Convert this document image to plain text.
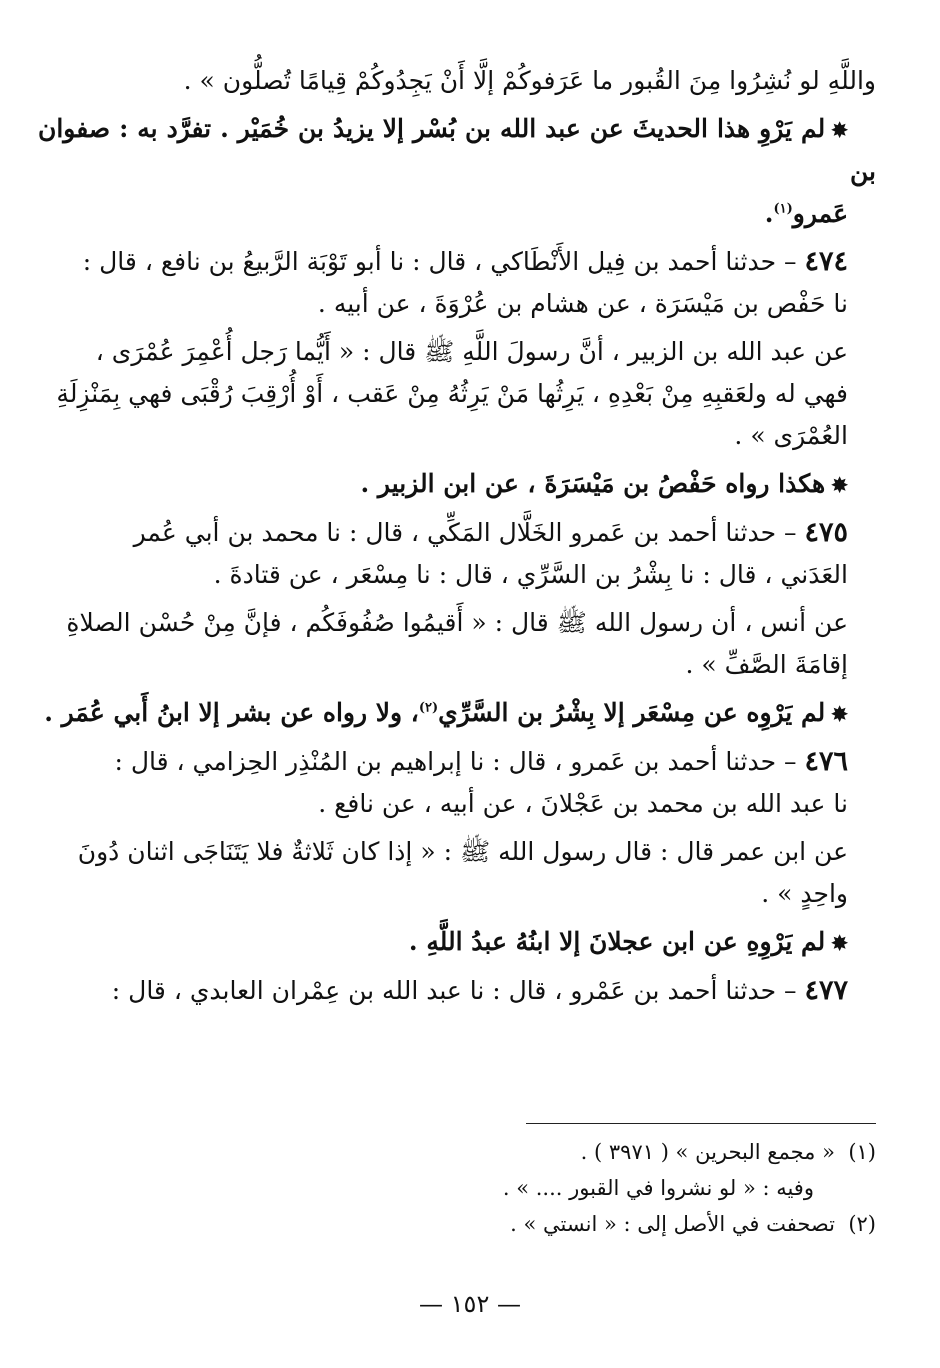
واللَّهِ لو نُشِرُوا مِنَ القُبور ما عَرَفوكُمْ إلَّا أَنْ يَجِدُوكُمْ قِيامًا تُصلُّون » .

✸لم يَرْوِ هذا الحديثَ عن عبد الله بن بُسْر إلا يزيدُ بن خُمَيْر . تفرَّد به : صفوان بن

عَمرو$^{(١)}$.

٤٧٤ – حدثنا أحمد بن فِيل الأَنْطَاكي ، قال : نا أبو تَوْبَة الرَّبيعُ بن نافع ، قال :

نا حَفْص بن مَيْسَرَة ، عن هشام بن عُرْوَةَ ، عن أبيه .

عن عبد الله بن الزبير ، أنَّ رسولَ اللَّهِ ﷺ قال : « أَيُّما رَجل أُعْمِرَ عُمْرَى ،

فهي له ولعَقبِهِ مِنْ بَعْدِهِ ، يَرِثُها مَنْ يَرِثُهُ مِنْ عَقب ، أَوْ أُرْقِبَ رُقْبَى فهي بِمَنْزِلَةِ

العُمْرَى » .

✸هكذا رواه حَفْصُ بن مَيْسَرَةَ ، عن ابن الزبير .

٤٧٥ – حدثنا أحمد بن عَمرو الخَلَّال المَكِّي ، قال : نا محمد بن أبي عُمر

العَدَني ، قال : نا بِشْرُ بن السَّرِّي ، قال : نا مِسْعَر ، عن قتادةَ .

عن أنس ، أن رسول الله ﷺ قال : « أَقيمُوا صُفُوفَكُم ، فإنَّ مِنْ حُسْن الصلاةِ

إقامَةَ الصَّفِّ » .

✸لم يَرْوِه عن مِسْعَر إلا بِشْرُ بن السَّرِّي$^{(٢)}$، ولا رواه عن بشر إلا ابنُ أَبي عُمَر .

٤٧٦ – حدثنا أحمد بن عَمرو ، قال : نا إبراهيم بن المُنْذِر الحِزامي ، قال :

نا عبد الله بن محمد بن عَجْلانَ ، عن أبيه ، عن نافع .

عن ابن عمر قال : قال رسول الله ﷺ : « إذا كان ثَلاثةٌ فلا يَتَنَاجَى اثنان دُونَ

واحِدٍ » .

✸لم يَرْوِهِ عن ابن عجلانَ إلا ابنُهُ عبدُ اللَّهِ .

٤٧٧ – حدثنا أحمد بن عَمْرو ، قال : نا عبد الله بن عِمْران العابدي ، قال :

(١)  « مجمع البحرين » ( ٣٩٧١ ) .
وفيه : « لو نشروا في القبور .... » .
(٢)  تصحفت في الأصل إلى : « انستي » .
— ١٥٢ —
